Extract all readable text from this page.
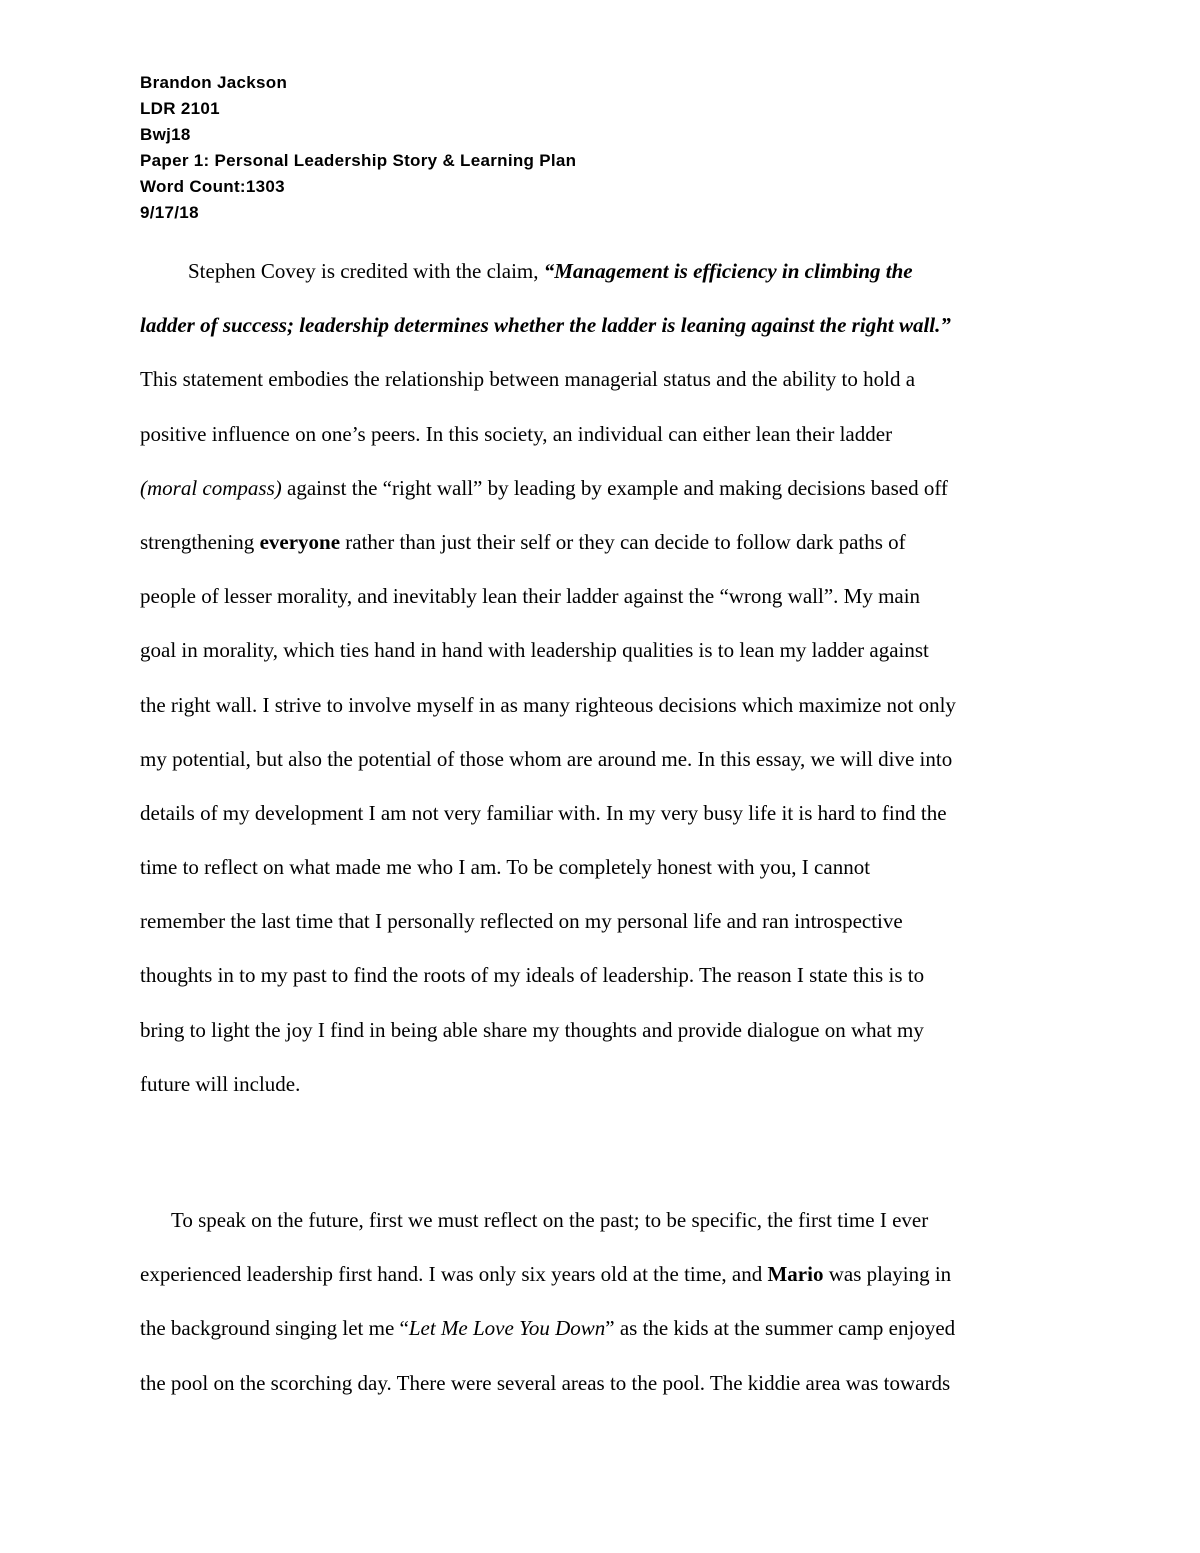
Brandon Jackson
LDR 2101
Bwj18
Paper 1: Personal Leadership Story & Learning Plan
Word Count:1303
9/17/18
Stephen Covey is credited with the claim, “Management is efficiency in climbing the
ladder of success; leadership determines whether the ladder is leaning against the right wall.”
This statement embodies the relationship between managerial status and the ability to hold a
positive influence on one’s peers. In this society, an individual can either lean their ladder
(moral compass) against the “right wall” by leading by example and making decisions based off
strengthening everyone rather than just their self or they can decide to follow dark paths of
people of lesser morality, and inevitably lean their ladder against the “wrong wall”. My main
goal in morality, which ties hand in hand with leadership qualities is to lean my ladder against
the right wall. I strive to involve myself in as many righteous decisions which maximize not only
my potential, but also the potential of those whom are around me. In this essay, we will dive into
details of my development I am not very familiar with. In my very busy life it is hard to find the
time to reflect on what made me who I am. To be completely honest with you, I cannot
remember the last time that I personally reflected on my personal life and ran introspective
thoughts in to my past to find the roots of my ideals of leadership. The reason I state this is to
bring to light the joy I find in being able share my thoughts and provide dialogue on what my
future will include.
To speak on the future, first we must reflect on the past; to be specific, the first time I ever
experienced leadership first hand. I was only six years old at the time, and Mario was playing in
the background singing let me “Let Me Love You Down” as the kids at the summer camp enjoyed
the pool on the scorching day. There were several areas to the pool. The kiddie area was towards
